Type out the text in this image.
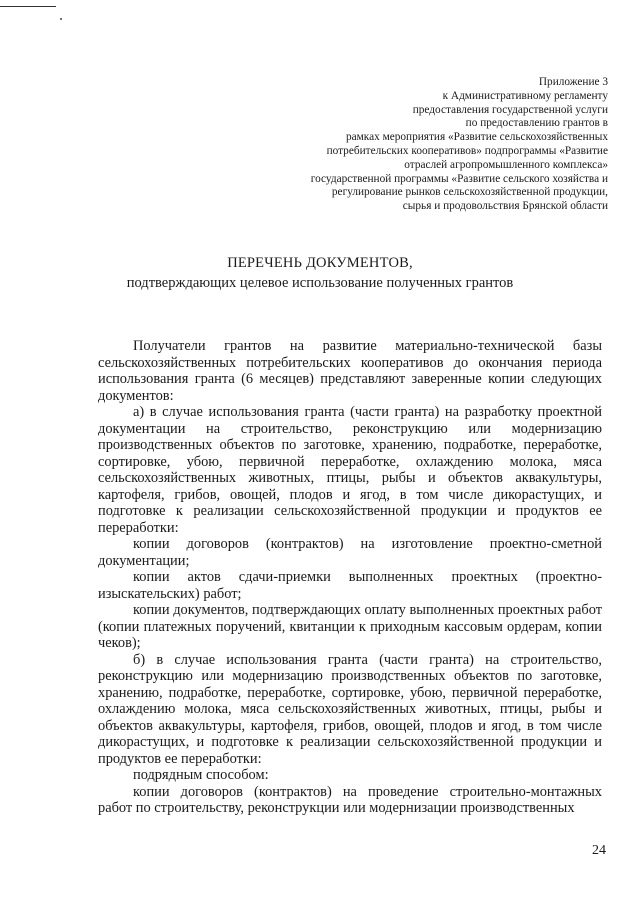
Приложение 3
к Административному регламенту
предоставления государственной услуги
по предоставлению грантов в
рамках мероприятия «Развитие сельскохозяйственных
потребительских кооперативов» подпрограммы «Развитие
отраслей агропромышленного комплекса»
государственной программы «Развитие сельского хозяйства и
регулирование рынков сельскохозяйственной продукции,
сырья и продовольствия Брянской области
ПЕРЕЧЕНЬ ДОКУМЕНТОВ,
подтверждающих целевое использование полученных грантов

Получатели грантов на развитие материально-технической базы сельскохозяйственных потребительских кооперативов до окончания периода использования гранта (6 месяцев) представляют заверенные копии следующих документов:

а) в случае использования гранта (части гранта) на разработку проектной документации на строительство, реконструкцию или модернизацию производственных объектов по заготовке, хранению, подработке, переработке, сортировке, убою, первичной переработке, охлаждению молока, мяса сельскохозяйственных животных, птицы, рыбы и объектов аквакультуры, картофеля, грибов, овощей, плодов и ягод, в том числе дикорастущих, и подготовке к реализации сельскохозяйственной продукции и продуктов ее переработки:

копии договоров (контрактов) на изготовление проектно-сметной документации;

копии актов сдачи-приемки выполненных проектных (проектно-изыскательских) работ;

копии документов, подтверждающих оплату выполненных проектных работ (копии платежных поручений, квитанции к приходным кассовым ордерам, копии чеков);

б) в случае использования гранта (части гранта) на строительство, реконструкцию или модернизацию производственных объектов по заготовке, хранению, подработке, переработке, сортировке, убою, первичной переработке, охлаждению молока, мяса сельскохозяйственных животных, птицы, рыбы и объектов аквакультуры, картофеля, грибов, овощей, плодов и ягод, в том числе дикорастущих, и подготовке к реализации сельскохозяйственной продукции и продуктов ее переработки:

подрядным способом:

копии договоров (контрактов) на проведение строительно-монтажных работ по строительству, реконструкции или модернизации производственных

24
